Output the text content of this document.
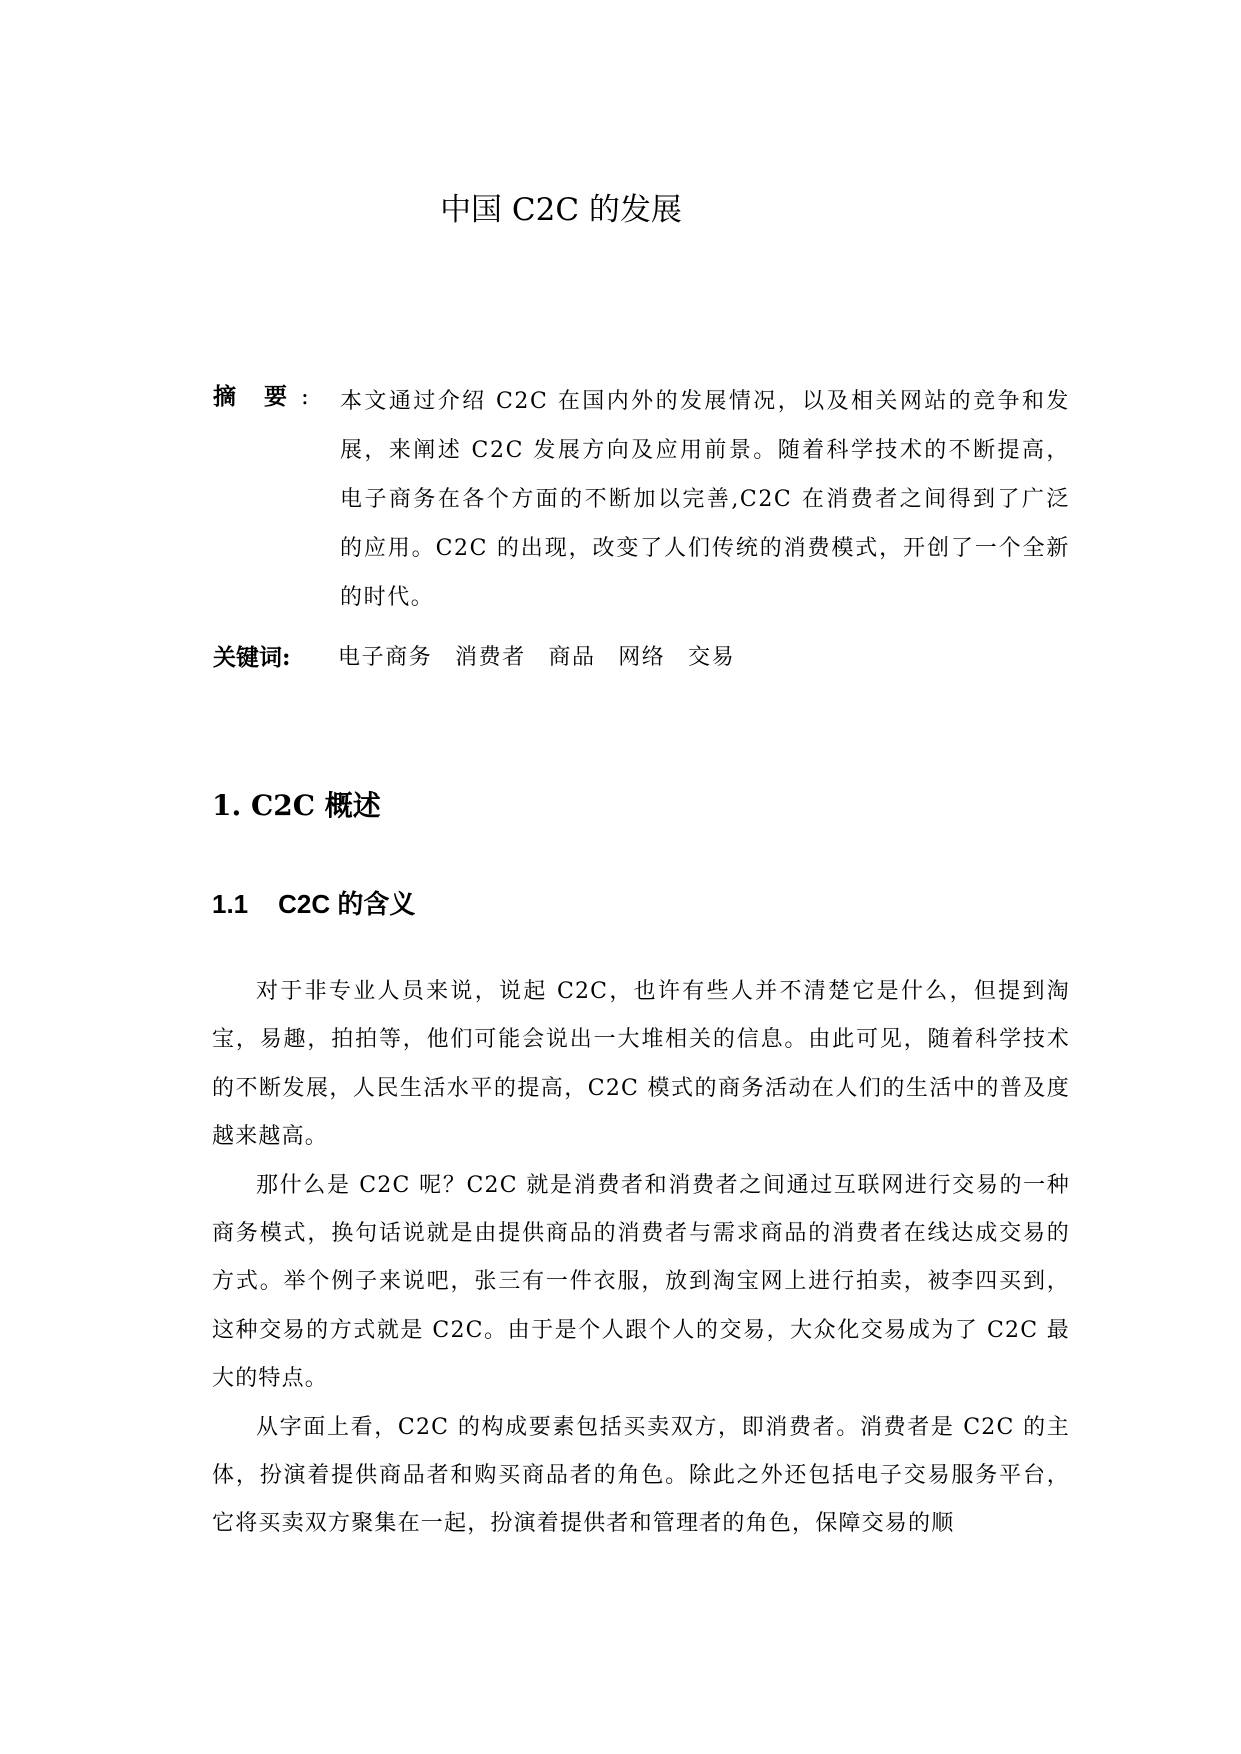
中国 C2C 的发展
摘 要 : 本文通过介绍 C2C 在国内外的发展情况，以及相关网站的竞争和发展，来阐述 C2C 发展方向及应用前景。随着科学技术的不断提高，电子商务在各个方面的不断加以完善,C2C 在消费者之间得到了广泛的应用。C2C 的出现，改变了人们传统的消费模式，开创了一个全新的时代。

关键词: 电子商务 消费者 商品 网络 交易
1. C2C 概述
1.1 C2C 的含义

对于非专业人员来说，说起 C2C，也许有些人并不清楚它是什么，但提到淘宝，易趣，拍拍等，他们可能会说出一大堆相关的信息。由此可见，随着科学技术的不断发展，人民生活水平的提高，C2C 模式的商务活动在人们的生活中的普及度越来越高。

那什么是 C2C 呢？C2C 就是消费者和消费者之间通过互联网进行交易的一种商务模式，换句话说就是由提供商品的消费者与需求商品的消费者在线达成交易的方式。举个例子来说吧，张三有一件衣服，放到淘宝网上进行拍卖，被李四买到，这种交易的方式就是 C2C。由于是个人跟个人的交易，大众化交易成为了 C2C 最大的特点。

从字面上看，C2C 的构成要素包括买卖双方，即消费者。消费者是 C2C 的主体，扮演着提供商品者和购买商品者的角色。除此之外还包括电子交易服务平台，它将买卖双方聚集在一起，扮演着提供者和管理者的角色，保障交易的顺
